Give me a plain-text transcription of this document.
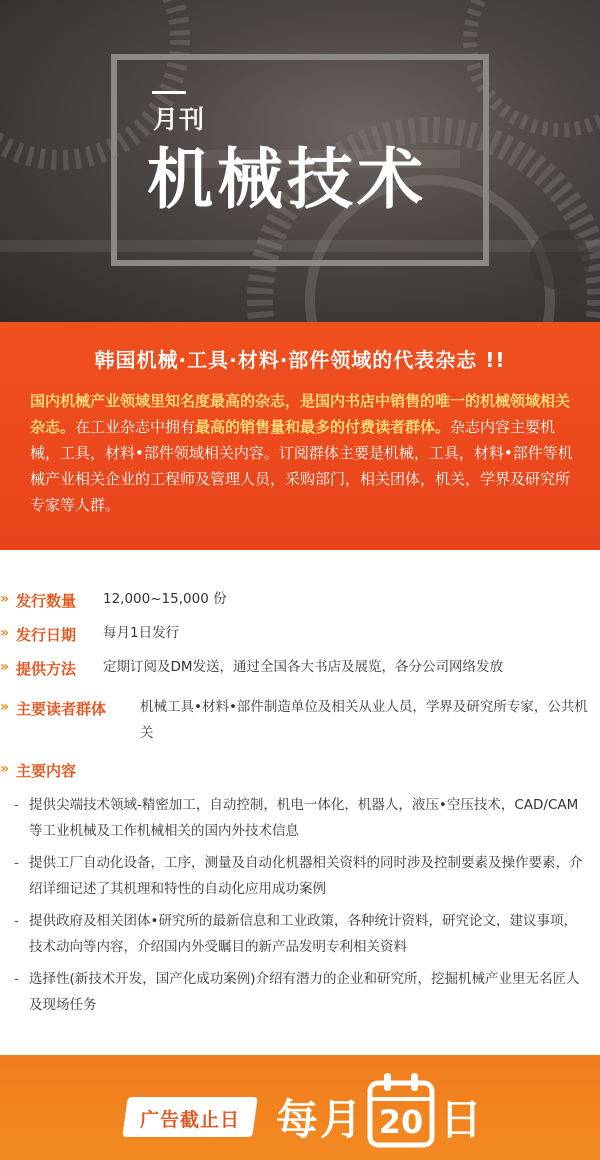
月刊
机械技术
韩国机械·工具·材料·部件领域的代表杂志 !!
国内机械产业领域里知名度最高的杂志，是国内书店中销售的唯一的机械领域相关杂志。在工业杂志中拥有最高的销售量和最多的付费读者群体。杂志内容主要机械，工具，材料•部件领域相关内容。订阅群体主要是机械，工具，材料•部件等机械产业相关企业的工程师及管理人员，采购部门，相关团体，机关，学界及研究所专家等人群。
» 发行数量 12,000~15,000 份
» 发行日期 每月1日发行
» 提供方法 定期订阅及DM发送，通过全国各大书店及展览，各分公司网络发放
» 主要读者群体	机械工具•材料•部件制造单位及相关从业人员，学界及研究所专家，公共机关
» 主要内容
- 提供尖端技术领域-精密加工，自动控制，机电一体化，机器人，液压•空压技术，CAD/CAM等工业机械及工作机械相关的国内外技术信息
- 提供工厂自动化设备，工序，测量及自动化机器相关资料的同时涉及控制要素及操作要素，介绍详细记述了其机理和特性的自动化应用成功案例
- 提供政府及相关团体•研究所的最新信息和工业政策，各种统计资料，研究论文，建议事项，技术动向等内容，介绍国内外受瞩目的新产品发明专利相关资料
- 选择性(新技术开发，国产化成功案例)介绍有潜力的企业和研究所，挖掘机械产业里无名匠人及现场任务
广告截止日 每月 20 日
